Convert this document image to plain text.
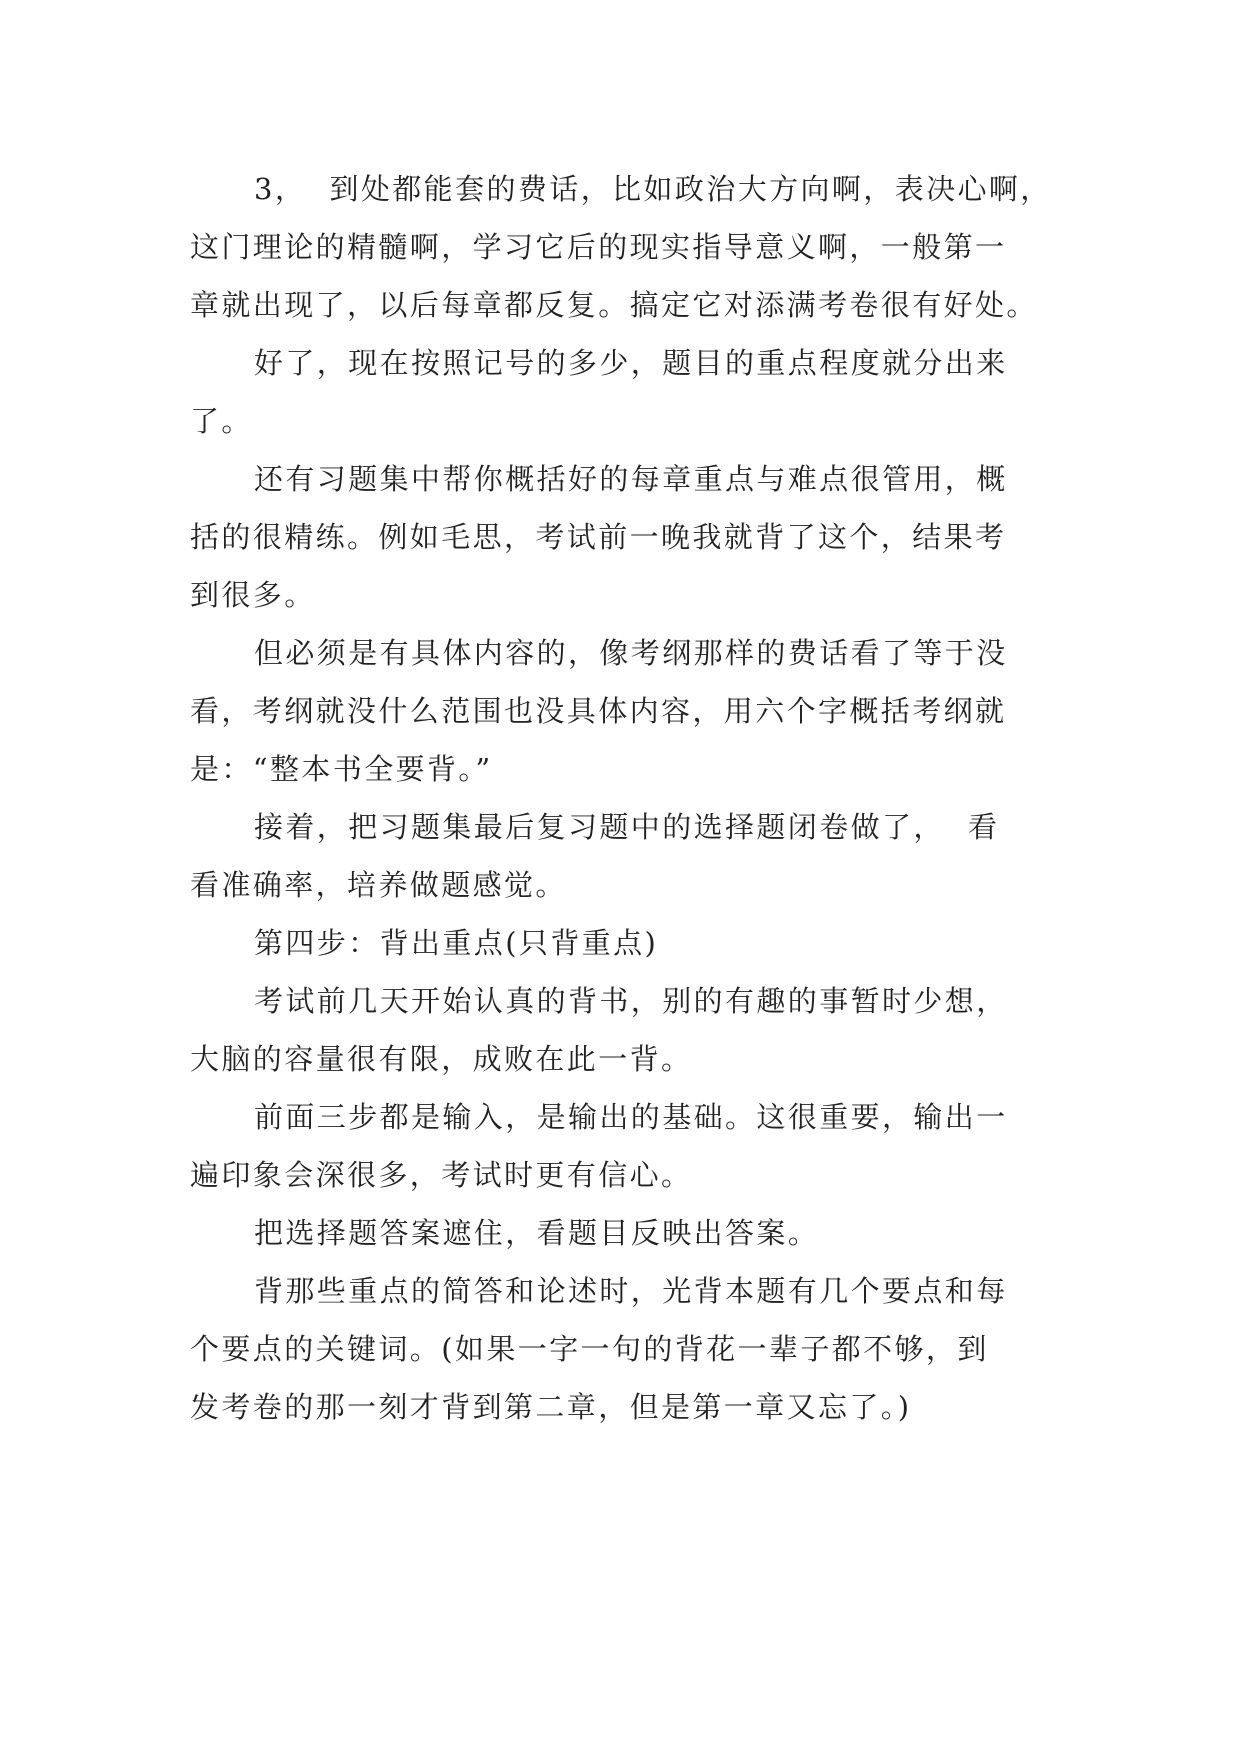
3，  到处都能套的费话，比如政治大方向啊，表决心啊，
这门理论的精髓啊，学习它后的现实指导意义啊，一般第一
章就出现了，以后每章都反复。搞定它对添满考卷很有好处。
好了，现在按照记号的多少，题目的重点程度就分出来
了。
还有习题集中帮你概括好的每章重点与难点很管用，概
括的很精练。例如毛思，考试前一晚我就背了这个，结果考
到很多。
但必须是有具体内容的，像考纲那样的费话看了等于没
看，考纲就没什么范围也没具体内容，用六个字概括考纲就
是：“整本书全要背。”
接着，把习题集最后复习题中的选择题闭卷做了，  看
看准确率，培养做题感觉。
第四步：背出重点(只背重点)
考试前几天开始认真的背书，别的有趣的事暂时少想，
大脑的容量很有限，成败在此一背。
前面三步都是输入，是输出的基础。这很重要，输出一
遍印象会深很多，考试时更有信心。
把选择题答案遮住，看题目反映出答案。
背那些重点的简答和论述时，光背本题有几个要点和每
个要点的关键词。(如果一字一句的背花一辈子都不够，到
发考卷的那一刻才背到第二章，但是第一章又忘了。)
